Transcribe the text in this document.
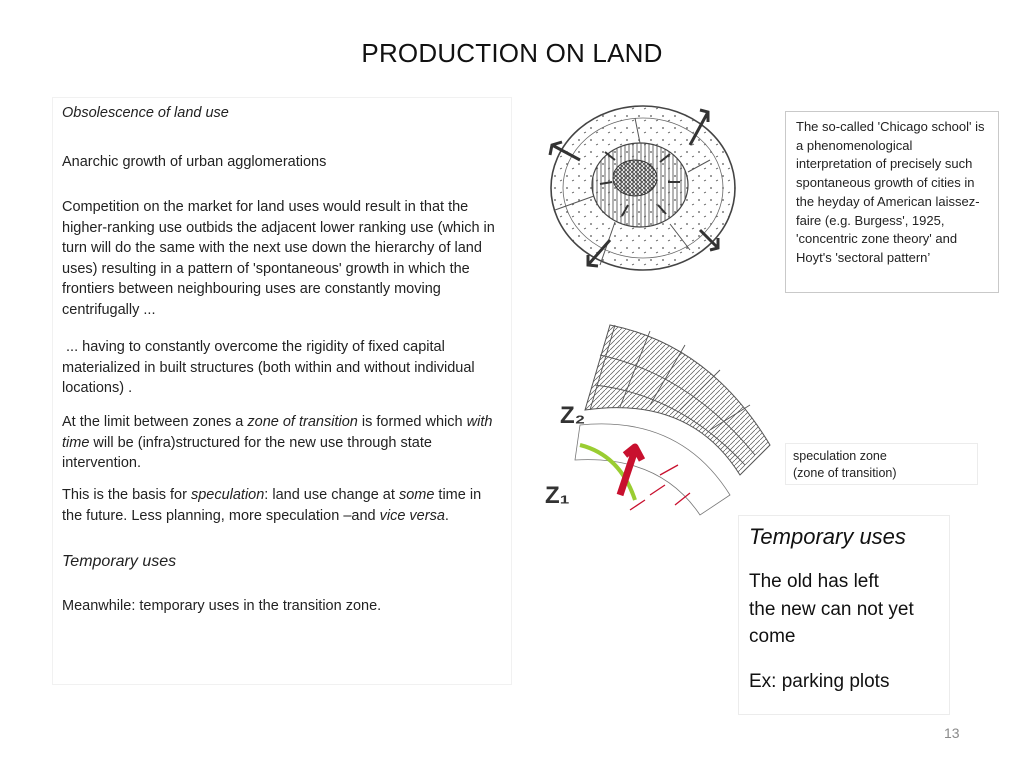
PRODUCTION ON LAND
Obsolescence of land use
Anarchic growth of urban agglomerations
Competition on the market for land uses would result in that the higher-ranking use outbids the adjacent lower ranking use (which in turn will do the same with the next use down the hierarchy of land uses) resulting in a pattern of 'spontaneous' growth in which the frontiers between neighbouring uses are constantly moving centrifugally ...
... having to constantly overcome the rigidity of fixed capital materialized in built structures (both within and without individual locations) .
At the limit between zones a zone of transition is formed which with time will be (infra)structured for the new use through state intervention.
This is the basis for speculation: land use change at some time in the future. Less planning, more speculation –and vice versa.
Temporary uses
Meanwhile: temporary uses in the transition zone.
Z₂
Z₁
The so-called 'Chicago school' is a phenomenological interpretation of precisely such spontaneous growth of cities in the heyday of American laissez-faire (e.g. Burgess', 1925, 'concentric zone theory' and Hoyt's 'sectoral pattern’
speculation zone
(zone of transition)
Temporary uses
The old has left
the new can not yet
come
Ex: parking plots
13
